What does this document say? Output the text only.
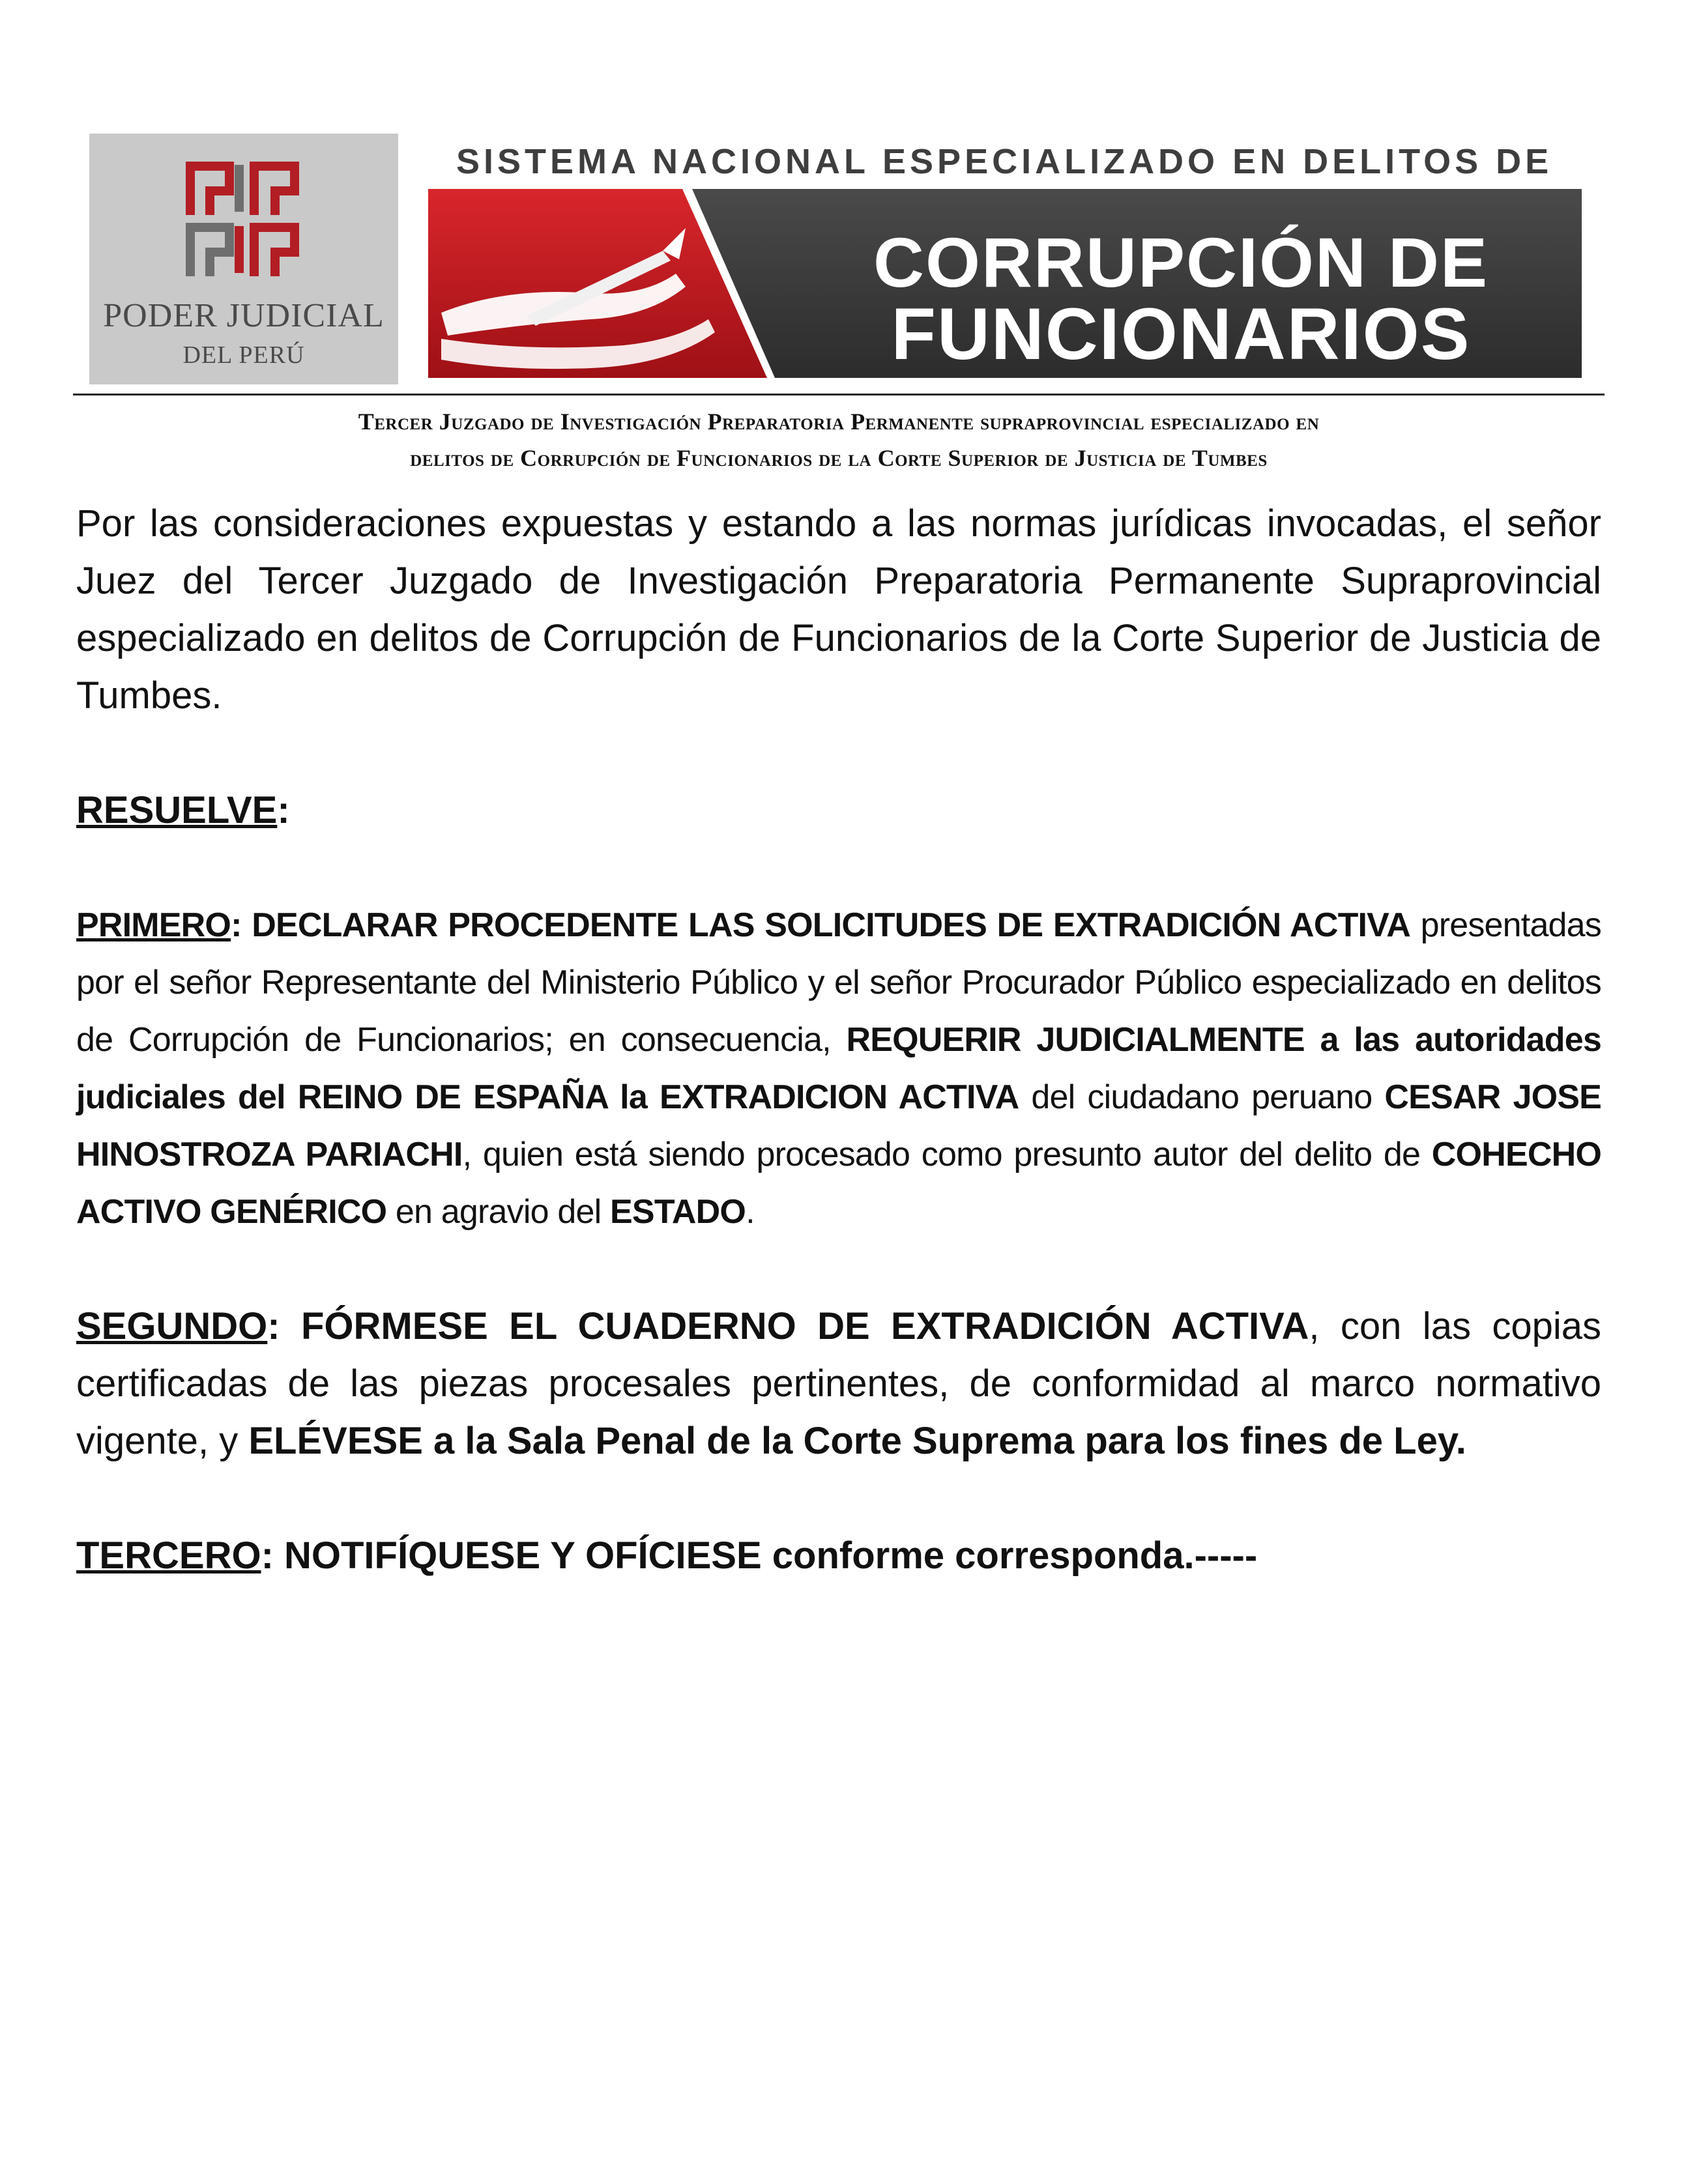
PODER JUDICIAL
DEL PERÚ
SISTEMA NACIONAL ESPECIALIZADO EN DELITOS DE
CORRUPCIÓN DE
FUNCIONARIOS
Tercer Juzgado de Investigación Preparatoria Permanente supraprovincial especializado en
delitos de Corrupción de Funcionarios de la Corte Superior de Justicia de Tumbes

Por las consideraciones expuestas y estando a las normas jurídicas invocadas, el señor Juez del Tercer Juzgado de Investigación Preparatoria Permanente Supraprovincial especializado en delitos de Corrupción de Funcionarios de la Corte Superior de Justicia de Tumbes.

RESUELVE:

PRIMERO: DECLARAR PROCEDENTE LAS SOLICITUDES DE EXTRADICIÓN ACTIVA presentadas por el señor Representante del Ministerio Público y el señor Procurador Público especializado en delitos de Corrupción de Funcionarios; en consecuencia, REQUERIR JUDICIALMENTE a las autoridades judiciales del REINO DE ESPAÑA la EXTRADICION ACTIVA del ciudadano peruano CESAR JOSE HINOSTROZA PARIACHI, quien está siendo procesado como presunto autor del delito de COHECHO ACTIVO GENÉRICO en agravio del ESTADO.

SEGUNDO: FÓRMESE EL CUADERNO DE EXTRADICIÓN ACTIVA, con las copias certificadas de las piezas procesales pertinentes, de conformidad al marco normativo vigente, y ELÉVESE a la Sala Penal de la Corte Suprema para los fines de Ley.

TERCERO: NOTIFÍQUESE Y OFÍCIESE conforme corresponda.-----
